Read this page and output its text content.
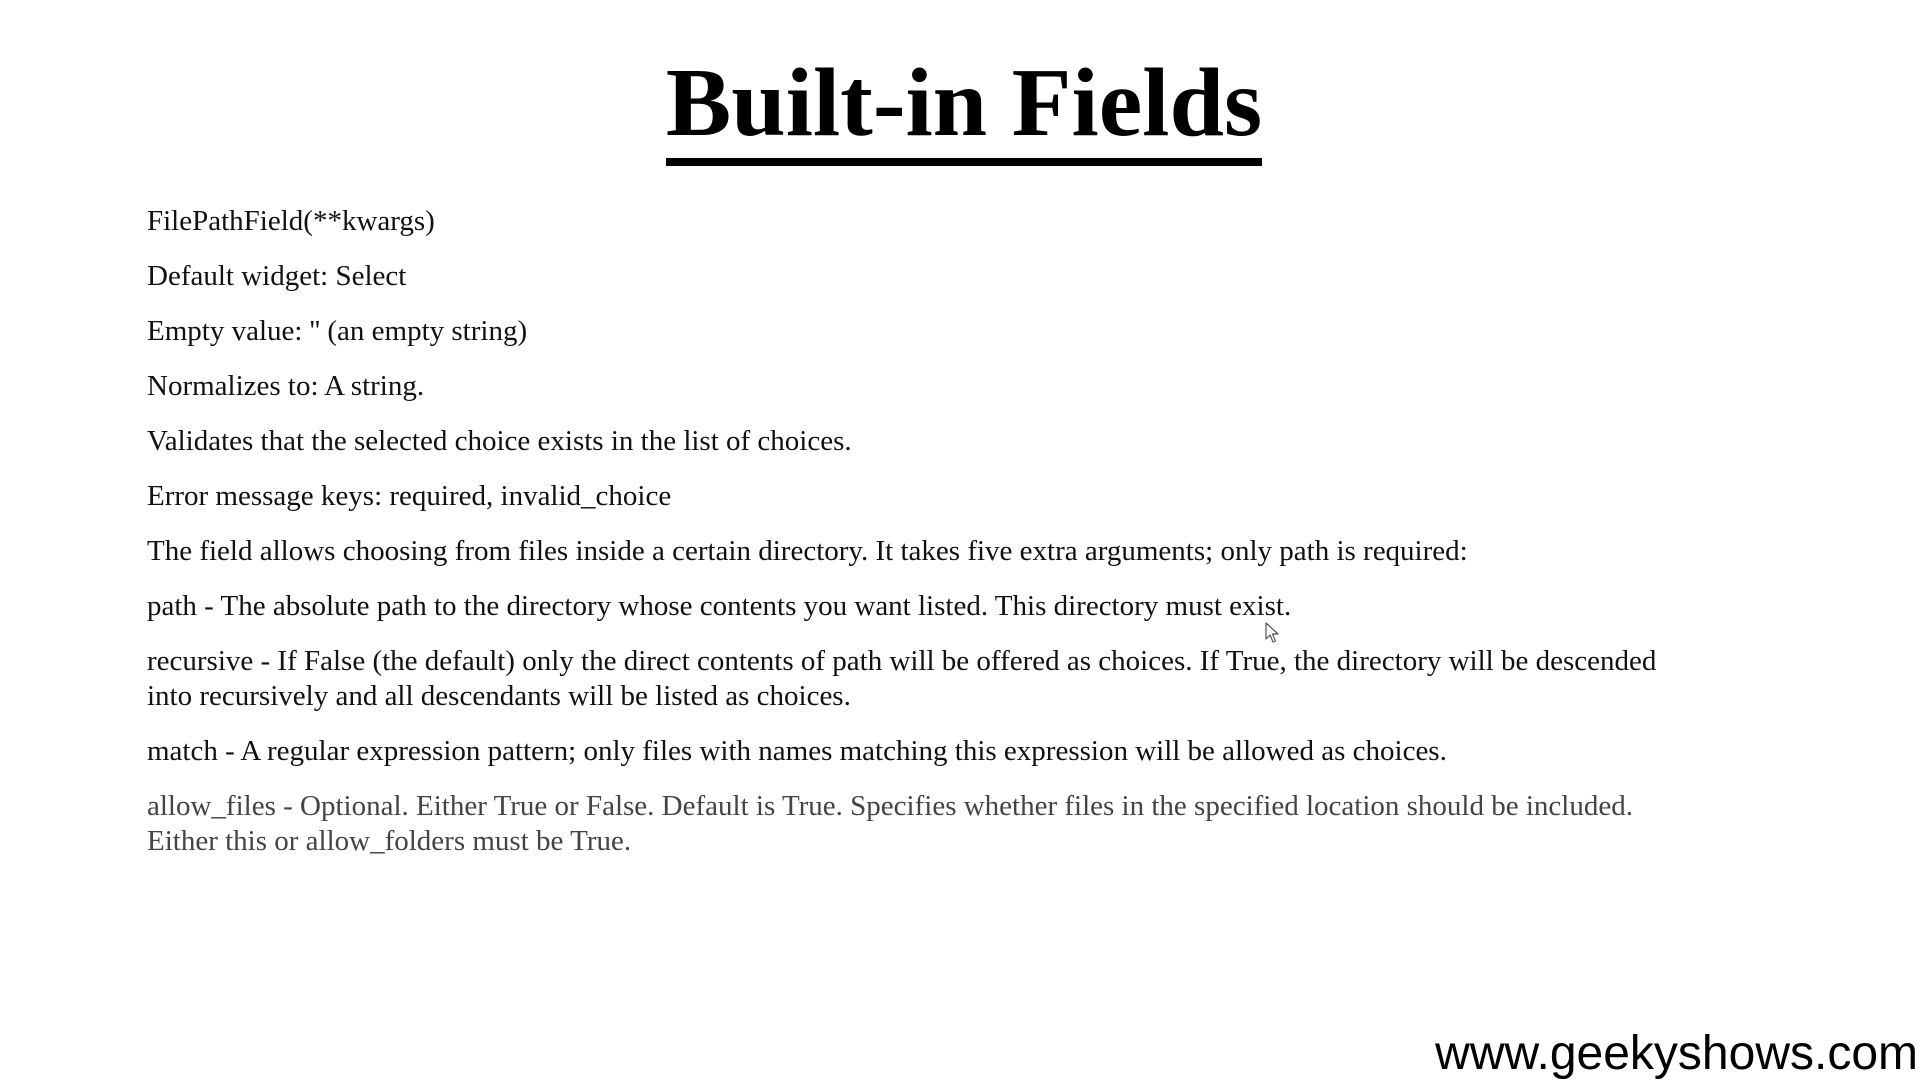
Built-in Fields

FilePathField(**kwargs)

Default widget: Select

Empty value: '' (an empty string)

Normalizes to: A string.

Validates that the selected choice exists in the list of choices.

Error message keys: required, invalid_choice

The field allows choosing from files inside a certain directory. It takes five extra arguments; only path is required:

path - The absolute path to the directory whose contents you want listed. This directory must exist.

recursive - If False (the default) only the direct contents of path will be offered as choices. If True, the directory will be descended into recursively and all descendants will be listed as choices.

match - A regular expression pattern; only files with names matching this expression will be allowed as choices.

allow_files - Optional. Either True or False. Default is True. Specifies whether files in the specified location should be included. Either this or allow_folders must be True.

www.geekyshows.com
